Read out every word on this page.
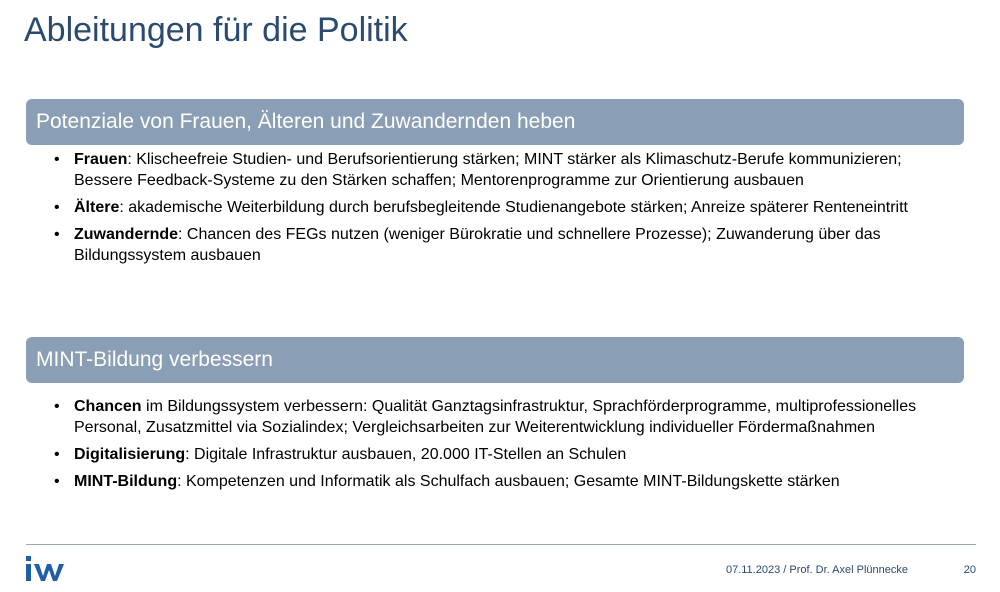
Ableitungen für die Politik
Potenziale von Frauen, Älteren und Zuwandernden heben
• Frauen: Klischeefreie Studien- und Berufsorientierung stärken; MINT stärker als Klimaschutz-Berufe kommunizieren; Bessere Feedback-Systeme zu den Stärken schaffen; Mentorenprogramme zur Orientierung ausbauen
• Ältere: akademische Weiterbildung durch berufsbegleitende Studienangebote stärken; Anreize späterer Renteneintritt
• Zuwandernde: Chancen des FEGs nutzen (weniger Bürokratie und schnellere Prozesse); Zuwanderung über das Bildungssystem ausbauen
MINT-Bildung verbessern
• Chancen im Bildungssystem verbessern: Qualität Ganztagsinfrastruktur, Sprachförderprogramme, multiprofessionelles Personal, Zusatzmittel via Sozialindex; Vergleichsarbeiten zur Weiterentwicklung individueller Fördermaßnahmen
• Digitalisierung: Digitale Infrastruktur ausbauen, 20.000 IT-Stellen an Schulen
• MINT-Bildung: Kompetenzen und Informatik als Schulfach ausbauen; Gesamte MINT-Bildungskette stärken
07.11.2023 / Prof. Dr. Axel Plünnecke	20
